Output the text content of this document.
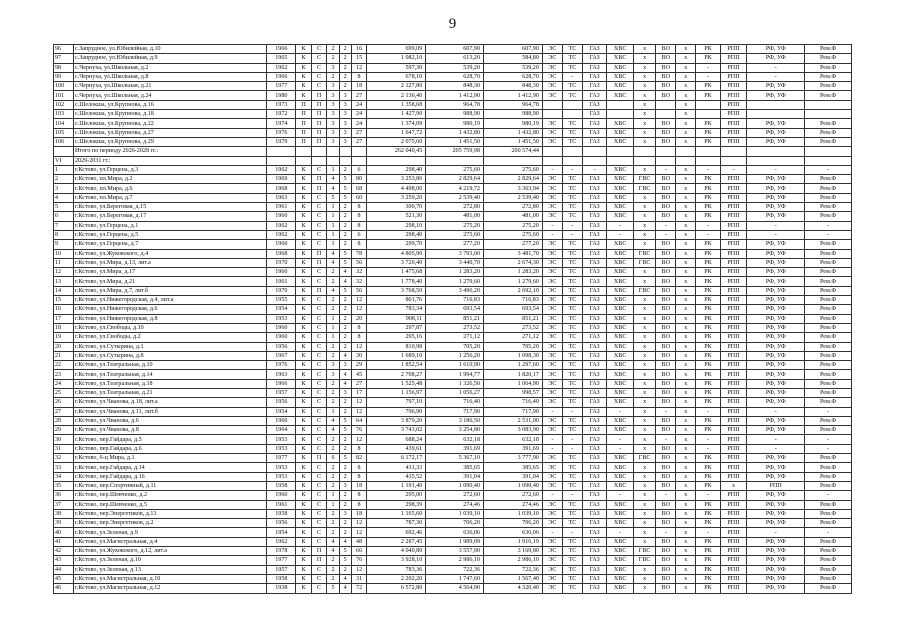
9
96	с.Запрудное, ул.Юбилейная, д.10	1966	К	С	2	2	16	699,09	607,90	607,90	ЭС	ТС	ГАЗ	ХВС	х	ВО	х	РК	РПП	РФ, УФ	Рем.Ф
97	с.Запрудное, ул.Юбилейная, д.9	1965	К	С	2	2	15	1 082,10	613,20	584,80	ЭС	ТС	ГАЗ	ХВС	х	ВО	х	РК	РПП	РФ, УФ	Рем.Ф
98	с.Чернуха, ул.Школьная, д.2	1962	К	С	3	2	12	597,30	539,20	539,20	ЭС	ТС	ГАЗ	ХВС	х	ВО	х	-	РПП	-	Рем.Ф
99	с.Чернуха, ул.Школьная, д.8	1966	К	С	2	2	8	678,10	628,70	628,70	ЭС	-	ГАЗ	ХВС	х	ВО	х	-	РПП	-	Рем.Ф
100	с.Чернуха, ул.Школьная, д.21	1977	К	С	3	2	18	2 127,80	848,30	848,30	ЭС	ТС	ГАЗ	ХВС	х	ВО	х	РК	РПП	РФ, УФ	Рем.Ф
101	с.Чернуха, ул.Школьная, д.24	1980	К	П	3	3	27	2 136,40	1 412,90	1 412,90	ЭС	ТС	ГАЗ	ХВС	х	ВО	х	РК	РПП	РФ, УФ	Рем.Ф
102	с.Шелокша, ул.Крупнова, д.16	1973	П	П	3	3	24	1 358,68	964,78	964,78			ГАЗ		х		х		РПП		
103	с.Шелокша, ул.Крупнова, д.18	1972	П	П	3	3	24	1 427,90	988,90	988,90			ГАЗ		х		х		РПП		
104	с.Шелокша, ул.Крупнова, д.22	1974	П	П	3	3	24	1 374,09	980,19	980,19	ЭС	ТС	ГАЗ	ХВС	х	ВО	х	РК	РПП	РФ, УФ	Рем.Ф
105	с.Шелокша, ул.Крупнова, д.27	1976	П	П	3	3	27	1 647,72	1 432,80	1 432,80	ЭС	ТС	ГАЗ	ХВС	х	ВО	х	РК	РПП	РФ, УФ	Рем.Ф
106	с.Шелокша, ул.Крупнова, д.29	1979	П	П	3	3	27	2 075,60	1 451,50	1 451,50	ЭС	ТС	ГАЗ	ХВС	х	ВО	х	РК	РПП	РФ, УФ	Рем.Ф
	Итого по периоду 2026-2028 гг.:							262 040,45	205 759,98	200 574,44											
VI	2029-2031 гг.:																				
1	г.Кстово, ул.Герцена, д.3	1962	К	С	1	2	6	298,40	275,60	275,60	-	-	-	ХВС	х	-	х	-	-	-	-
2	г.Кстово, пл.Мира, д.2	1969	К	П	4	5	80	3 253,86	2 829,64	2 829,64	ЭС	ТС	ГАЗ	ХВС	ГВС	ВО	х	РК	РПП	РФ, УФ	Рем.Ф
3	г.Кстово, пл.Мира, д.6	1968	К	П	4	5	68	4 498,00	4 219,72	3 363,94	ЭС	ТС	ГАЗ	ХВС	ГВС	ВО	х	РК	РПП	РФ, УФ	Рем.Ф
4	г.Кстово, пл.Мира, д.7	1963	К	С	5	5	60	3 259,20	2 539,40	2 539,40	ЭС	ТС	ГАЗ	ХВС	х	ВО	х	РК	РПП	РФ, УФ	Рем.Ф
5	г.Кстово, ул.Береговая, д.15	1961	К	С	1	2	8	300,70	272,80	272,80	ЭС	ТС	ГАЗ	ХВС	х	ВО	х	РК	РПП	РФ, УФ	Рем.Ф
6	г.Кстово, ул.Береговая, д.17	1960	К	С	1	2	8	521,30	481,00	481,00	ЭС	ТС	ГАЗ	ХВС	х	ВО	х	РК	РПП	РФ, УФ	Рем.Ф
7	г.Кстово, ул.Герцена, д.1	1962	К	С	1	2	8	298,10	275,20	275,20	-	-	ГАЗ	-	х	-	х	-	РПП	-	-
8	г.Кстово, ул.Герцена, д.5	1962	К	С	1	2	6	298,40	275,60	275,60	-	-	ГАЗ	-	х	-	х	-	РПП	-	-
9	г.Кстово, ул.Герцена, д.7	1960	К	С	1	2	8	299,70	277,20	277,20	ЭС	ТС	ГАЗ	ХВС	х	ВО	х	РК	РПП	РФ, УФ	Рем.Ф
10	г.Кстово, ул.Жуковского, д.4	1968	К	П	4	5	78	4 805,90	3 793,00	3 481,70	ЭС	ТС	ГАЗ	ХВС	ГВС	ВО	х	РК	РПП	РФ, УФ	Рем.Ф
11	г.Кстово, ул.Мира, д.13, лит.а	1970	К	П	4	5	56	3 720,40	3 440,70	2 674,30	ЭС	ТС	ГАЗ	ХВС	ГВС	ВО	х	РК	РПП	РФ, УФ	Рем.Ф
12	г.Кстово, ул.Мира, д.17	1960	К	С	2	4	32	1 475,68	1 283,20	1 283,20	ЭС	ТС	ГАЗ	ХВС	х	ВО	х	РК	РПП	РФ, УФ	Рем.Ф
13	г.Кстово, ул.Мира, д.21	1961	К	С	2	4	32	1 778,40	1 279,60	1 279,60	ЭС	ТС	ГАЗ	ХВС	х	ВО	х	РК	РПП	РФ, УФ	Рем.Ф
14	г.Кстово, ул.Мира, д.7, лит.б	1970	К	П	4	5	56	3 768,50	3 496,20	2 692,10	ЭС	ТС	ГАЗ	ХВС	ГВС	ВО	х	РК	РПП	РФ, УФ	Рем.Ф
15	г.Кстово, ул.Нижегородская, д.4, лит.а	1955	К	С	2	2	12	801,76	716,83	716,83	ЭС	ТС	ГАЗ	ХВС	х	ВО	х	РК	РПП	РФ, УФ	Рем.Ф
16	г.Кстово, ул.Нижегородская, д.6	1954	К	С	2	2	12	783,34	693,54	693,54	ЭС	ТС	ГАЗ	ХВС	х	ВО	х	РК	РПП	РФ, УФ	Рем.Ф
17	г.Кстово, ул.Нижегородская, д.8	1953	К	С	1	2	20	908,11	851,21	851,21	ЭС	ТС	ГАЗ	ХВС	х	ВО	х	РК	РПП	РФ, УФ	Рем.Ф
18	г.Кстово, ул.Свободы, д.10	1960	К	С	1	2	8	297,87	273,52	273,52	ЭС	ТС	ГАЗ	ХВС	х	ВО	х	РК	РПП	РФ, УФ	Рем.Ф
19	г.Кстово, ул.Свободы, д.2	1960	К	С	1	2	8	295,16	271,12	271,12	ЭС	ТС	ГАЗ	ХВС	х	ВО	х	РК	РПП	РФ, УФ	Рем.Ф
20	г.Кстово, ул.Сутырина, д.1	1956	К	С	2	2	12	810,98	705,20	705,20	ЭС	ТС	ГАЗ	ХВС	х	ВО	х	РК	РПП	РФ, УФ	Рем.Ф
21	г.Кстово, ул.Сутырина, д.8	1967	К	С	2	4	30	1 689,10	1 256,20	1 098,30	ЭС	ТС	ГАЗ	ХВС	х	ВО	х	РК	РПП	РФ, УФ	Рем.Ф
22	г.Кстово, ул.Театральная, д.10	1976	К	С	3	3	29	1 852,54	1 610,90	1 297,60	ЭС	ТС	ГАЗ	ХВС	х	ВО	х	РК	РПП	РФ, УФ	Рем.Ф
23	г.Кстово, ул.Театральная, д.14	1963	К	С	3	4	45	2 708,27	1 994,77	1 820,17	ЭС	ТС	ГАЗ	ХВС	х	ВО	х	РК	РПП	РФ, УФ	Рем.Ф
24	г.Кстово, ул.Театральная, д.18	1966	К	С	2	4	27	1 525,48	1 326,50	1 064,90	ЭС	ТС	ГАЗ	ХВС	х	ВО	х	РК	РПП	РФ, УФ	Рем.Ф
25	г.Кстово, ул.Театральная, д.21	1957	К	С	2	3	17	1 156,97	1 056,27	998,57	ЭС	ТС	ГАЗ	ХВС	х	ВО	х	РК	РПП	РФ, УФ	Рем.Ф
26	г.Кстово, ул.Чванова, д.18, лит.а	1956	К	С	2	2	12	797,10	716,40	716,40	ЭС	ТС	ГАЗ	ХВС	х	ВО	х	РК	РПП	РФ, УФ	Рем.Ф
27	г.Кстово, ул.Чванова, д.11, лит.б	1954	К	С	1	2	12	796,90	717,90	717,90	-	-	ГАЗ	-	х	-	х	-	РПП	-	-
28	г.Кстово, ул.Чванова, д.6	1960	К	С	4	5	64	3 879,20	3 186,50	2 531,00	ЭС	ТС	ГАЗ	ХВС	х	ВО	х	РК	РПП	РФ, УФ	Рем.Ф
29	г.Кстово, ул.Чванова, д.8	1964	К	С	4	5	76	3 743,02	3 254,80	3 083,90	ЭС	ТС	ГАЗ	ХВС	х	ВО	х	РК	РПП	РФ, УФ	Рем.Ф
30	г.Кстово, пер.Гайдара, д.5	1953	К	С	2	2	12	688,24	632,18	632,18	-	-	ГАЗ	-	х	-	х	-	РПП	-	-
31	г.Кстово, пер.Гайдара, д.6	1953	К	С	2	2	8	439,61	391,69	391,69	-	-	ГАЗ	-	х	ВО	х	-	РПП	-	-
32	г.Кстово, 6-ц Мира, д.1	1977	К	П	6	5	82	6 172,17	5 367,10	3 777,90	ЭС	ТС	ГАЗ	ХВС	ГВС	ВО	х	РК	РПП	РФ, УФ	Рем.Ф
33	г.Кстово, пер.Гайдара, д.14	1953	К	С	2	2	8	431,33	385,65	385,65	ЭС	ТС	ГАЗ	ХВС	х	ВО	х	РК	РПП	РФ, УФ	Рем.Ф
34	г.Кстово, пер.Гайдара, д.16	1953	К	С	2	2	8	435,52	391,04	391,04	ЭС	ТС	ГАЗ	ХВС	х	ВО	х	РК	РПП	РФ, УФ	Рем.Ф
35	г.Кстово, пер.Спортивный, д.11	1958	К	С	2	3	18	1 191,40	1 090,40	1 090,40	ЭС	ТС	ГАЗ	ХВС	х	ВО	х	РК	х	РПП	Рем.Ф
36	г.Кстово, пер.Шевченко, д.2	1960	К	С	1	2	8	295,00	272,60	272,60	-	-	ГАЗ	-	х	-	х	-	РПП	РФ, УФ	-
37	г.Кстово, пер.Шевченко, д.5	1961	К	С	1	2	8	298,39	274,46	274,46	ЭС	ТС	ГАЗ	ХВС	х	ВО	х	РК	РПП	РФ, УФ	Рем.Ф
38	г.Кстово, пер.Энергетиков, д.13	1958	К	С	2	3	18	1 165,60	1 039,10	1 039,10	ЭС	ТС	ГАЗ	ХВС	х	ВО	х	РК	РПП	РФ, УФ	Рем.Ф
39	г.Кстово, пер.Энергетиков, д.2	1956	К	С	2	2	12	787,30	706,20	706,20	ЭС	ТС	ГАЗ	ХВС	х	ВО	х	РК	РПП	РФ, УФ	Рем.Ф
40	г.Кстово, ул.Зеленая, д.9	1954	К	С	2	2	12	692,46	636,06	636,06	-	-	ГАЗ	-	х	-	х	-	РПП	-	-
41	г.Кстово, ул.Магистральная, д.4	1962	К	С	4	4	48	2 287,45	1 989,09	1 916,19	ЭС	ТС	ГАЗ	ХВС	х	ВО	х	РК	РПП	РФ, УФ	Рем.Ф
42	г.Кстово, ул.Жуковского, д.12, лит.а	1978	К	П	4	5	66	4 040,80	3 557,90	3 169,80	ЭС	ТС	ГАЗ	ХВС	ГВС	ВО	х	РК	РПП	РФ, УФ	Рем.Ф
43	г.Кстово, ул.Зеленая, д.10	1977	К	П	2	5	76	3 928,10	2 986,10	2 986,10	ЭС	ТС	ГАЗ	ХВС	ГВС	ВО	х	РК	РПП	РФ, УФ	Рем.Ф
44	г.Кстово, ул.Зеленая, д.13	1957	К	С	2	2	12	783,36	722,36	722,36	ЭС	ТС	ГАЗ	ХВС	х	ВО	х	РК	РПП	РФ, УФ	Рем.Ф
45	г.Кстово, ул.Магистральная, д.10	1958	К	С	2	4	31	2 202,20	1 747,60	1 567,40	ЭС	ТС	ГАЗ	ХВС	х	ВО	х	РК	РПП	РФ, УФ	Рем.Ф
46	г.Кстово, ул.Магистральная, д.12	1938	К	С	5	4	72	6 572,80	4 564,90	4 320,40	ЭС	ТС	ГАЗ	ХВС	х	ВО	х	РК	РПП	РФ, УФ	Рем.Ф
